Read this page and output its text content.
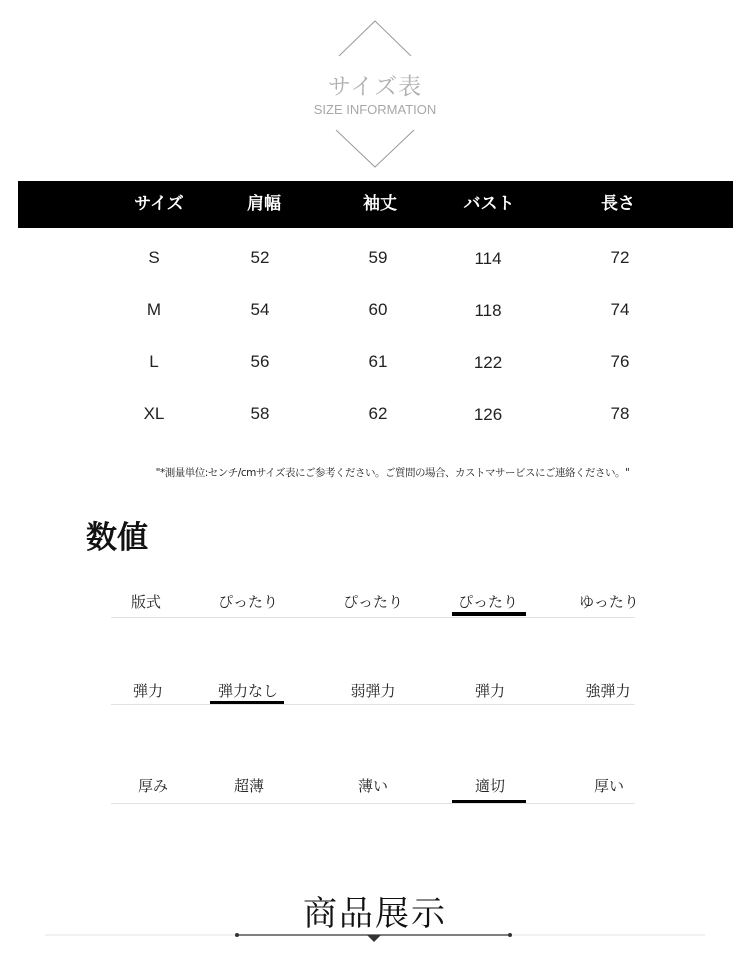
サイズ表
SIZE INFORMATION
サイズ	肩幅	袖丈	バスト	長さ
S	52	59	114	72
M	54	60	118	74
L	56	61	122	76
XL	58	62	126	78
"*測量単位:センチ/cmサイズ表にご参考ください。ご質問の場合、カストマサービスにご連絡ください。"
数値
版式	ぴったり	ぴったり	ぴったり	ゆったり
弾力	弾力なし	弱弾力	弾力	強弾力
厚み	超薄	薄い	適切	厚い
商品展示
